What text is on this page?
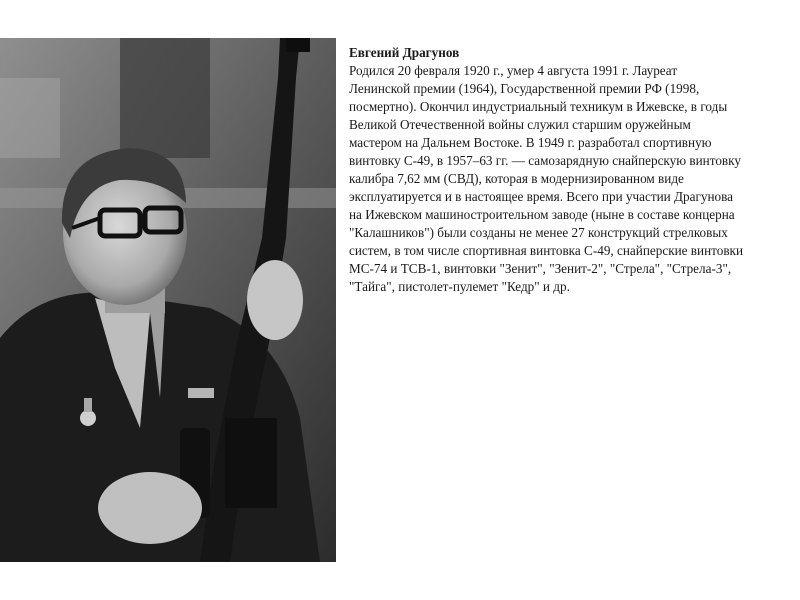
Евгений Драгунов

Родился 20 февраля 1920 г., умер 4 августа 1991 г. Лауреат

Ленинской премии (1964), Государственной премии РФ (1998,

посмертно). Окончил индустриальный техникум в Ижевске, в годы

Великой Отечественной войны служил старшим оружейным

мастером на Дальнем Востоке. В 1949 г. разработал спортивную

винтовку С-49, в 1957–63 гг. — самозарядную снайперскую винтовку

калибра 7,62 мм (СВД), которая в модернизированном виде

эксплуатируется и в настоящее время. Всего при участии Драгунова

на Ижевском машиностроительном заводе (ныне в составе концерна

"Калашников") были созданы не менее 27 конструкций стрелковых

систем, в том числе спортивная винтовка С-49, снайперские винтовки

МС-74 и ТСВ-1, винтовки "Зенит", "Зенит-2", "Стрела", "Стрела-3",

"Тайга", пистолет-пулемет "Кедр" и др.
